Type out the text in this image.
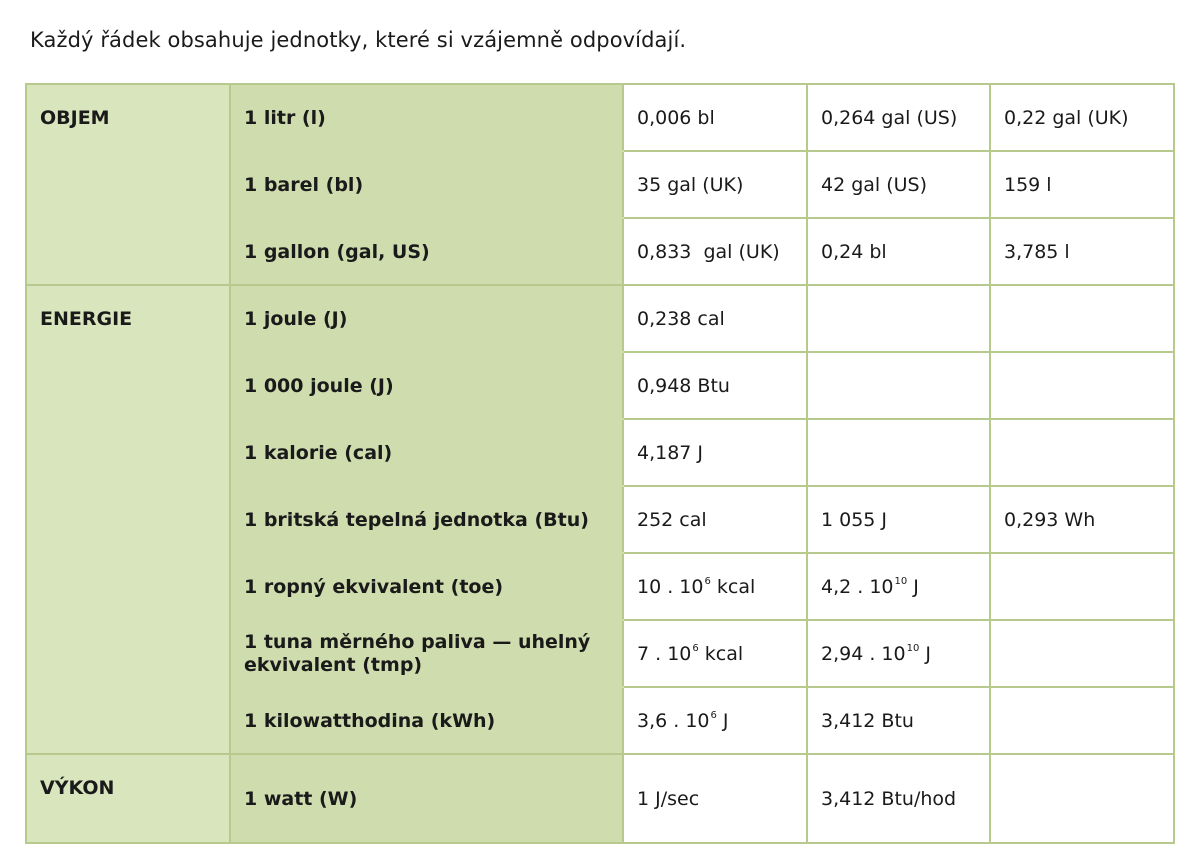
Každý řádek obsahuje jednotky, které si vzájemně odpovídají.
OBJEM	1 litr (l)	0,006 bl	0,264 gal (US)	0,22 gal (UK)
	1 barel (bl)	35 gal (UK)	42 gal (US)	159 l
	1 gallon (gal, US)	0,833  gal (UK)	0,24 bl	3,785 l
ENERGIE	1 joule (J)	0,238 cal		
	1 000 joule (J)	0,948 Btu		
	1 kalorie (cal)	4,187 J		
	1 britská tepelná jednotka (Btu)	252 cal	1 055 J	0,293 Wh
	1 ropný ekvivalent (toe)	10 . $10^6$ kcal	4,2 . $10^{10}$ J	
	1 tuna měrného paliva — uhelný ekvivalent (tmp)	7 . $10^6$ kcal	2,94 . $10^{10}$ J	
	1 kilowatthodina (kWh)	3,6 . $10^6$ J	3,412 Btu	
VÝKON	1 watt (W)	1 J/sec	3,412 Btu/hod	
